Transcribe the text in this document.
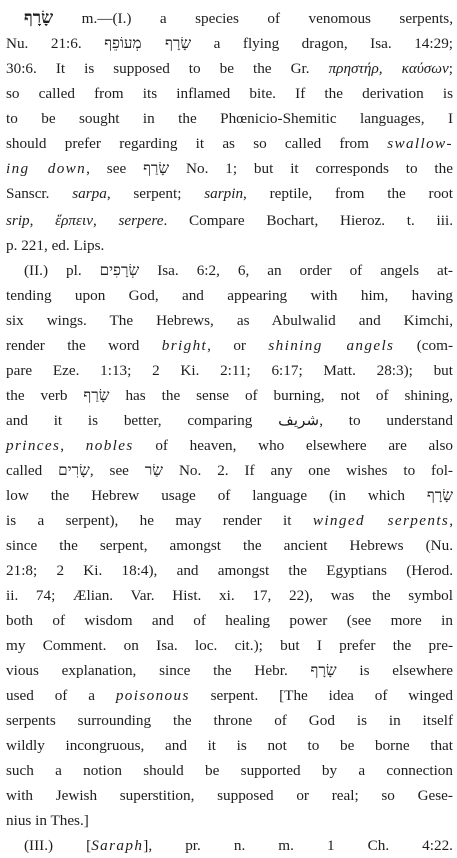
שָׂרָף m.—(I.) a species of venomous serpents,
Nu. 21:6. שָׂרָף מְעוֹפֵף a flying dragon, Isa. 14:29;
30:6. It is supposed to be the Gr. πρηστήρ, καύσων;
so called from its inflamed bite. If the derivation is
to be sought in the Phœnicio-Shemitic languages, I
should prefer regarding it as so called from swallow-
ing down, see שָׂרַף No. 1; but it corresponds to the
Sanscr. sarpa, serpent; sarpin, reptile, from the root
srip, ἕρπειν, serpere. Compare Bochart, Hieroz. t. iii.
p. 221, ed. Lips.
(II.) pl. שְׂרָפִים Isa. 6:2, 6, an order of angels at-
tending upon God, and appearing with him, having
six wings. The Hebrews, as Abulwalid and Kimchi,
render the word bright, or shining angels (com-
pare Eze. 1:13; 2 Ki. 2:11; 6:17; Matt. 28:3); but
the verb שָׂרַף has the sense of burning, not of shining,
and it is better, comparing شريف, to understand
princes, nobles of heaven, who elsewhere are also
called שָׂרִים, see שַׂר No. 2. If any one wishes to fol-
low the Hebrew usage of language (in which שָׂרָף
is a serpent), he may render it winged serpents,
since the serpent, amongst the ancient Hebrews (Nu.
21:8; 2 Ki. 18:4), and amongst the Egyptians (Herod.
ii. 74; Ælian. Var. Hist. xi. 17, 22), was the symbol
both of wisdom and of healing power (see more in
my Comment. on Isa. loc. cit.); but I prefer the pre-
vious explanation, since the Hebr. שָׂרָף is elsewhere
used of a poisonous serpent. [The idea of winged
serpents surrounding the throne of God is in itself
wildly incongruous, and it is not to be borne that
such a notion should be supported by a connection
with Jewish superstition, supposed or real; so Gese-
nius in Thes.]
(III.) [Saraph], pr. n. m. 1 Ch. 4:22.
